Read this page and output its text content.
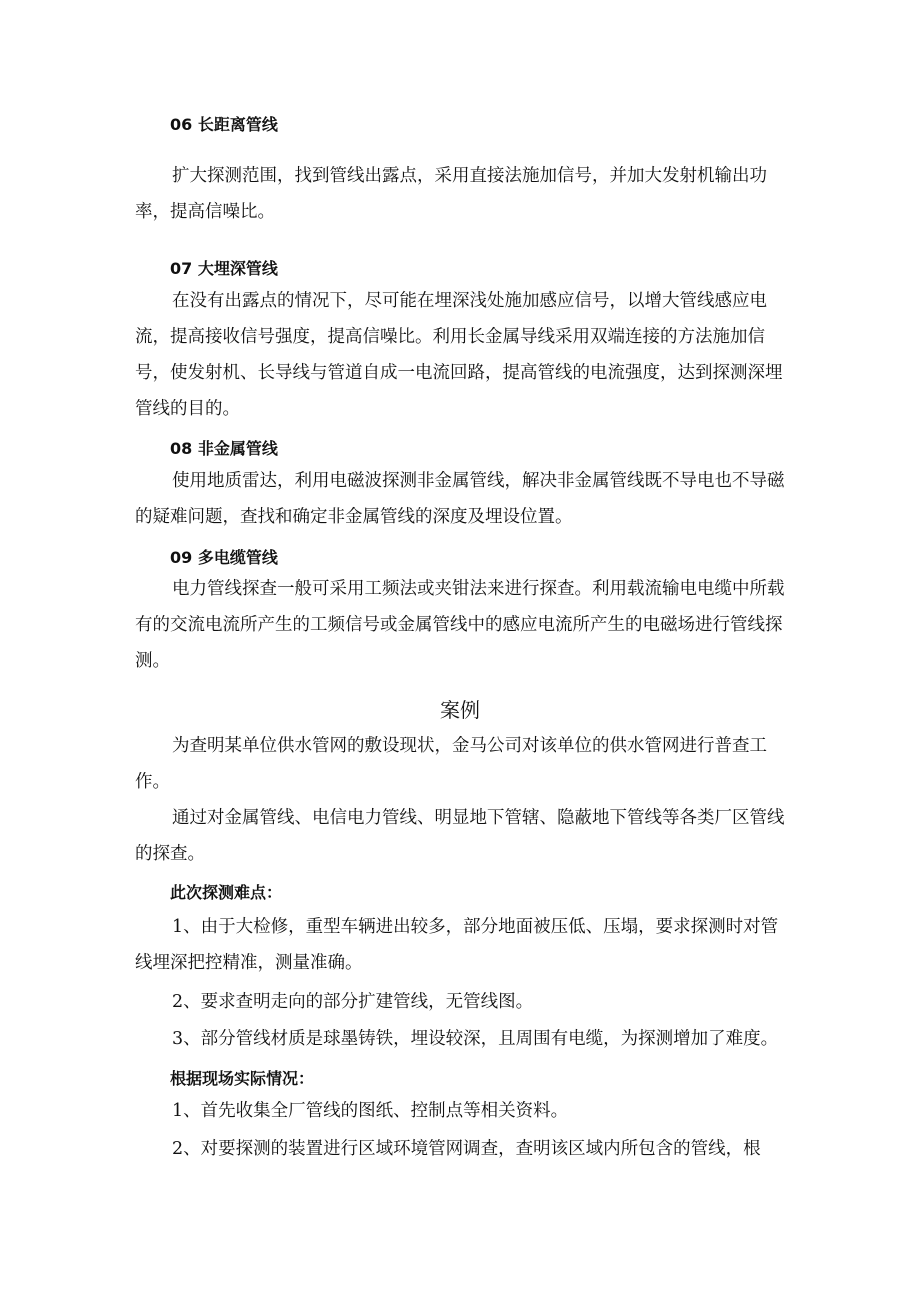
06 长距离管线
扩大探测范围，找到管线出露点，采用直接法施加信号，并加大发射机输出功率，提高信噪比。
07 大埋深管线
在没有出露点的情况下，尽可能在埋深浅处施加感应信号，以增大管线感应电流，提高接收信号强度，提高信噪比。利用长金属导线采用双端连接的方法施加信号，使发射机、长导线与管道自成一电流回路，提高管线的电流强度，达到探测深埋管线的目的。
08 非金属管线
使用地质雷达，利用电磁波探测非金属管线，解决非金属管线既不导电也不导磁的疑难问题，查找和确定非金属管线的深度及埋设位置。
09 多电缆管线
电力管线探查一般可采用工频法或夹钳法来进行探查。利用载流输电电缆中所载有的交流电流所产生的工频信号或金属管线中的感应电流所产生的电磁场进行管线探测。
案例
为查明某单位供水管网的敷设现状，金马公司对该单位的供水管网进行普查工作。
通过对金属管线、电信电力管线、明显地下管辖、隐蔽地下管线等各类厂区管线的探查。
此次探测难点：
1、由于大检修，重型车辆进出较多，部分地面被压低、压塌，要求探测时对管线埋深把控精准，测量准确。
2、要求查明走向的部分扩建管线，无管线图。
3、部分管线材质是球墨铸铁，埋设较深，且周围有电缆，为探测增加了难度。
根据现场实际情况：
1、首先收集全厂管线的图纸、控制点等相关资料。
2、对要探测的装置进行区域环境管网调查，查明该区域内所包含的管线，根
